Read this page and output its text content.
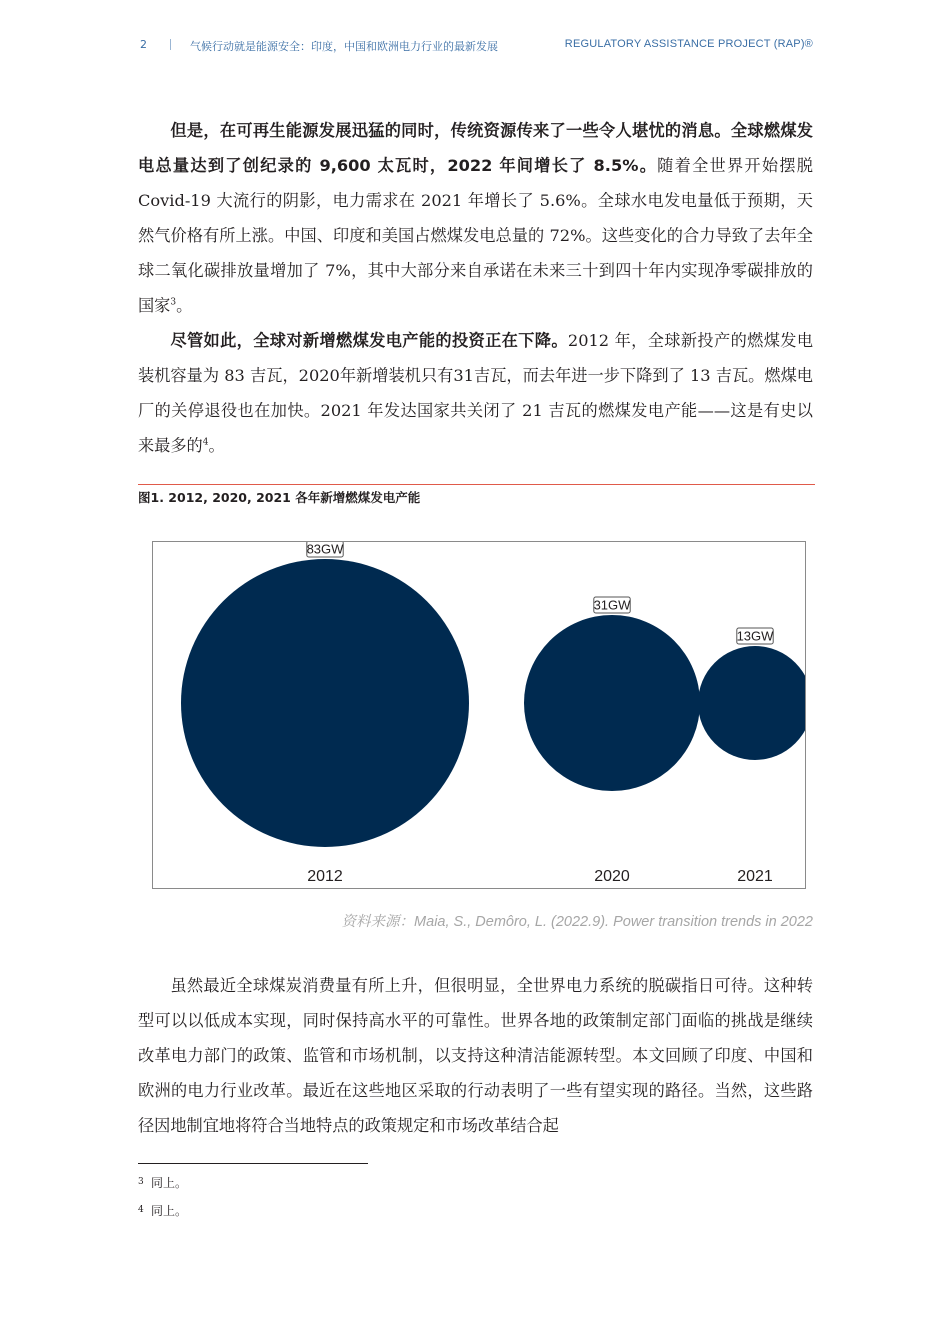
2	气候行动就是能源安全：印度，中国和欧洲电力行业的最新发展	REGULATORY ASSISTANCE PROJECT (RAP)®

但是，在可再生能源发展迅猛的同时，传统资源传来了一些令人堪忧的消息。全球燃煤发电总量达到了创纪录的 9,600 太瓦时，2022 年间增长了 8.5%。随着全世界开始摆脱 Covid-19 大流行的阴影，电力需求在 2021 年增长了 5.6%。全球水电发电量低于预期，天然气价格有所上涨。中国、印度和美国占燃煤发电总量的 72%。这些变化的合力导致了去年全球二氧化碳排放量增加了 7%，其中大部分来自承诺在未来三十到四十年内实现净零碳排放的国家$^3$。

尽管如此，全球对新增燃煤发电产能的投资正在下降。2012 年，全球新投产的燃煤发电装机容量为 83 吉瓦，2020年新增装机只有31吉瓦，而去年进一步下降到了 13 吉瓦。燃煤电厂的关停退役也在加快。2021 年发达国家共关闭了 21 吉瓦的燃煤发电产能——这是有史以来最多的$^4$。

图1. 2012, 2020, 2021 各年新增燃煤发电产能
83GW
2012
31GW
2020
13GW
2021
资料来源：Maia, S., Demôro, L. (2022.9). Power transition trends in 2022

虽然最近全球煤炭消费量有所上升，但很明显，全世界电力系统的脱碳指日可待。这种转型可以以低成本实现，同时保持高水平的可靠性。世界各地的政策制定部门面临的挑战是继续改革电力部门的政策、监管和市场机制，以支持这种清洁能源转型。本文回顾了印度、中国和欧洲的电力行业改革。最近在这些地区采取的行动表明了一些有望实现的路径。当然，这些路径因地制宜地将符合当地特点的政策规定和市场改革结合起

3 同上。
4 同上。
